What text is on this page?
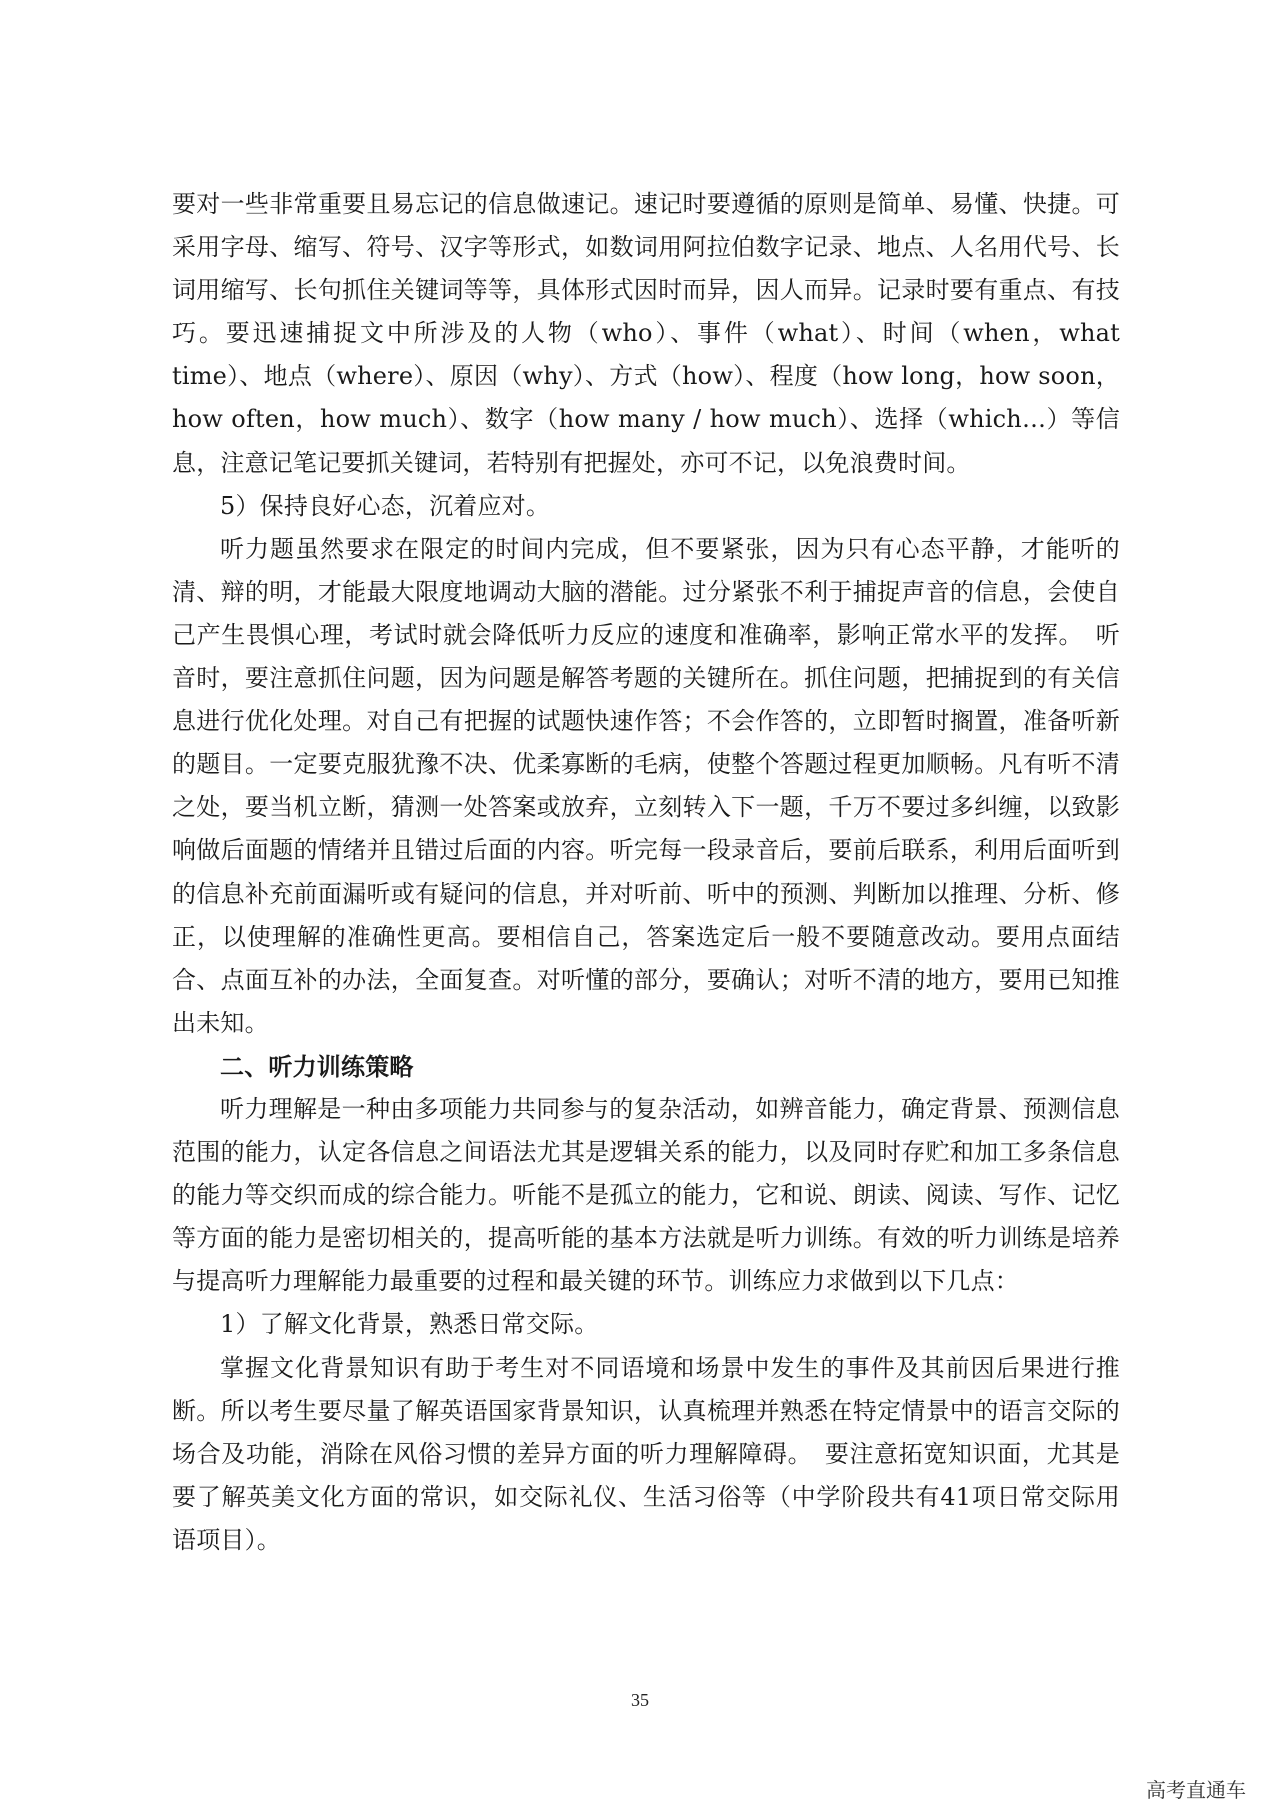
要对一些非常重要且易忘记的信息做速记。速记时要遵循的原则是简单、易懂、快捷。可采用字母、缩写、符号、汉字等形式，如数词用阿拉伯数字记录、地点、人名用代号、长词用缩写、长句抓住关键词等等，具体形式因时而异，因人而异。记录时要有重点、有技巧。要迅速捕捉文中所涉及的人物（who）、事件（what）、时间（when，what time）、地点（where）、原因（why）、方式（how）、程度（how long，how soon，how often，how much）、数字（how many / how much）、选择（which…）等信息，注意记笔记要抓关键词，若特别有把握处，亦可不记，以免浪费时间。

5）保持良好心态，沉着应对。

听力题虽然要求在限定的时间内完成，但不要紧张，因为只有心态平静，才能听的清、辩的明，才能最大限度地调动大脑的潜能。过分紧张不利于捕捉声音的信息，会使自己产生畏惧心理，考试时就会降低听力反应的速度和准确率，影响正常水平的发挥。　听音时，要注意抓住问题，因为问题是解答考题的关键所在。抓住问题，把捕捉到的有关信息进行优化处理。对自己有把握的试题快速作答；不会作答的，立即暂时搁置，准备听新的题目。一定要克服犹豫不决、优柔寡断的毛病，使整个答题过程更加顺畅。凡有听不清之处，要当机立断，猜测一处答案或放弃，立刻转入下一题，千万不要过多纠缠，以致影响做后面题的情绪并且错过后面的内容。听完每一段录音后，要前后联系，利用后面听到的信息补充前面漏听或有疑问的信息，并对听前、听中的预测、判断加以推理、分析、修正，以使理解的准确性更高。要相信自己，答案选定后一般不要随意改动。要用点面结合、点面互补的办法，全面复查。对听懂的部分，要确认；对听不清的地方，要用已知推出未知。

二、听力训练策略

听力理解是一种由多项能力共同参与的复杂活动，如辨音能力，确定背景、预测信息范围的能力，认定各信息之间语法尤其是逻辑关系的能力，以及同时存贮和加工多条信息的能力等交织而成的综合能力。听能不是孤立的能力，它和说、朗读、阅读、写作、记忆等方面的能力是密切相关的，提高听能的基本方法就是听力训练。有效的听力训练是培养与提高听力理解能力最重要的过程和最关键的环节。训练应力求做到以下几点：

1）了解文化背景，熟悉日常交际。

掌握文化背景知识有助于考生对不同语境和场景中发生的事件及其前因后果进行推断。所以考生要尽量了解英语国家背景知识，认真梳理并熟悉在特定情景中的语言交际的场合及功能，消除在风俗习惯的差异方面的听力理解障碍。　要注意拓宽知识面，尤其是要了解英美文化方面的常识，如交际礼仪、生活习俗等（中学阶段共有41项日常交际用语项目）。

35
高考直通车
